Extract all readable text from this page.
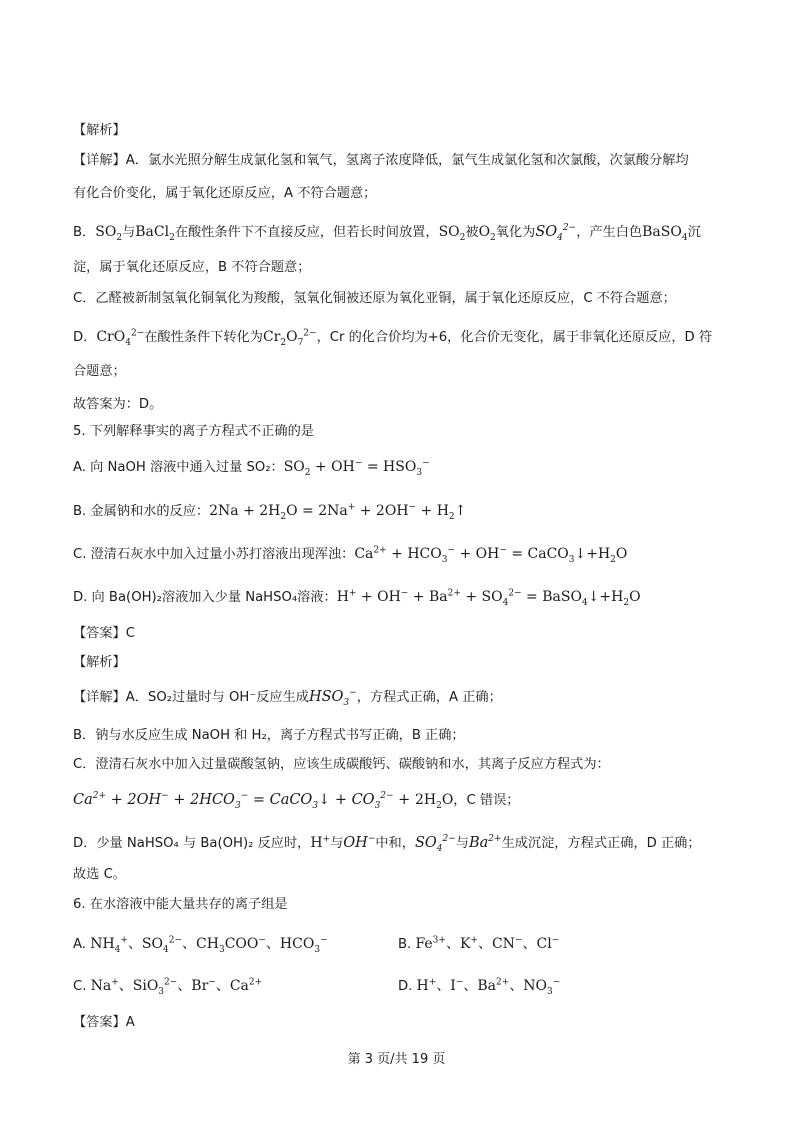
【解析】
【详解】A．氯水光照分解生成氯化氢和氧气，氢离子浓度降低，氯气生成氯化氢和次氯酸，次氯酸分解均
有化合价变化，属于氧化还原反应，A 不符合题意；
B．$SO_2$与BaCl$_2$在酸性条件下不直接反应，但若长时间放置，$SO_2$被$O_2$氧化为$SO_4^{2-}$，产生白色BaSO$_4$沉
淀，属于氧化还原反应，B 不符合题意；
C．乙醛被新制氢氧化铜氧化为羧酸，氢氧化铜被还原为氧化亚铜，属于氧化还原反应，C 不符合题意；
D．CrO$_4^{2-}$在酸性条件下转化为$Cr_2O_7^{2-}$，Cr 的化合价均为+6，化合价无变化，属于非氧化还原反应，D 符
合题意；
故答案为：D。
5. 下列解释事实的离子方程式不正确的是
A. 向 NaOH 溶液中通入过量 SO₂：$SO_2 + OH^- = HSO_3^-$
B. 金属钠和水的反应：$2Na + 2H_2O = 2Na^+ + 2OH^-$ + $H_2↑$
C. 澄清石灰水中加入过量小苏打溶液出现浑浊：$Ca^{2+} + HCO_3^- + OH^-$ = $CaCO_3↓+H_2O$
D. 向 Ba(OH)₂溶液加入少量 NaHSO₄溶液：$H^+ + OH^- + Ba^{2+} + SO_4^{2-}$ = $BaSO_4↓+H_2O$
【答案】C
【解析】
【详解】A．SO₂过量时与 OH⁻反应生成$HSO_3^-$，方程式正确，A 正确；
B．钠与水反应生成 NaOH 和 H₂，离子方程式书写正确，B 正确；
C．澄清石灰水中加入过量碳酸氢钠，应该生成碳酸钙、碳酸钠和水，其离子反应方程式为：
$Ca^{2+} + 2OH^- + 2HCO_3^-$ = CaCO$_3$↓ + $CO_3^{2-} + 2H_2O$，C 错误；
D．少量 NaHSO₄ 与 Ba(OH)₂ 反应时，H+与OH−中和，$SO_4^{2-}$与$Ba^{2+}$生成沉淀，方程式正确，D 正确；
故选 C。
6. 在水溶液中能大量共存的离子组是
A. $NH_4^+$、$SO_4^{2-}$、$CH_3COO^-$、$HCO_3^-$	B. $Fe^{3+}$、K+、CN−、Cl−
C. Na+、SiO$_3^{2-}$、Br−、$Ca^{2+}$	D. H+、I−、$Ba^{2+}$、$NO_3^-$
【答案】A
第 3 页/共 19 页
